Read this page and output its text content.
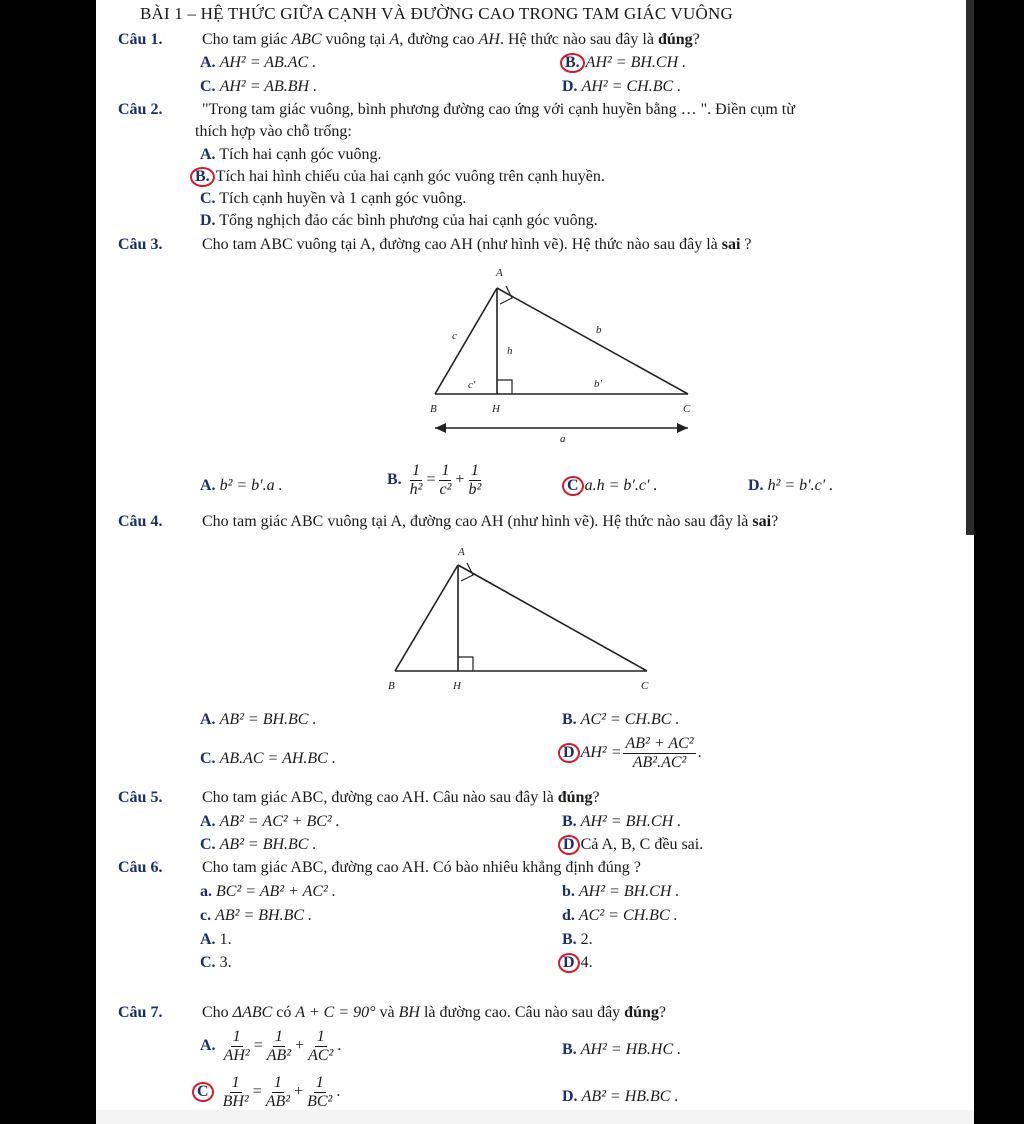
BÀI 1 – HỆ THỨC GIỮA CẠNH VÀ ĐƯỜNG CAO TRONG TAM GIÁC VUÔNG
Câu 1. Cho tam giác ABC vuông tại A, đường cao AH. Hệ thức nào sau đây là đúng?
A. AH² = AB.AC .	B. AH² = BH.CH .
C. AH² = AB.BH .	D. AH² = CH.BC .
Câu 2. "Trong tam giác vuông, bình phương đường cao ứng với cạnh huyền bằng … ". Điền cụm từ
thích hợp vào chỗ trống:
A. Tích hai cạnh góc vuông.
B. Tích hai hình chiếu của hai cạnh góc vuông trên cạnh huyền.
C. Tích cạnh huyền và 1 cạnh góc vuông.
D. Tổng nghịch đảo các bình phương của hai cạnh góc vuông.
Câu 3. Cho tam ABC vuông tại A, đường cao AH (như hình vẽ). Hệ thức nào sau đây là sai ?
A
B	C
H
c	b
h
c′	b′
a
A. b² = b′.a .	B. $\frac{1}{\text{h²}} = \frac{1}{\text{c²}} + \frac{1}{\text{b²}}$	C a.h = b′.c′ .	D. h² = b′.c′ .
Câu 4. Cho tam giác ABC vuông tại A, đường cao AH (như hình vẽ). Hệ thức nào sau đây là sai?
A
B	C
H
A. AB² = BH.BC .	B. AC² = CH.BC .
C. AB.AC = AH.BC .	D $AH^2 = \frac{\text{AB² + AC²}}{\text{AB².AC²}}$ .
Câu 5. Cho tam giác ABC, đường cao AH. Câu nào sau đây là đúng?
A. AB² = AC² + BC² .	B. AH² = BH.CH .
C. AB² = BH.BC .	D Cả A, B, C đều sai.
Câu 6. Cho tam giác ABC, đường cao AH. Có bào nhiêu khẳng định đúng ?
a. BC² = AB² + AC² .	b. AH² = BH.CH .
c. AB² = BH.BC .	d. AC² = CH.BC .
A. 1.	B. 2.
C. 3.	D 4.
Câu 7. Cho ΔABC có A + C = 90° và BH là đường cao. Câu nào sau đây đúng?
A. $\frac{1}{\text{AH²}} = \frac{1}{\text{AB²}} + \frac{1}{\text{AC²}}$ .	B. AH² = HB.HC .
C $\frac{1}{\text{BH²}} = \frac{1}{\text{AB²}} + \frac{1}{\text{BC²}}$ .	D. AB² = HB.BC .
